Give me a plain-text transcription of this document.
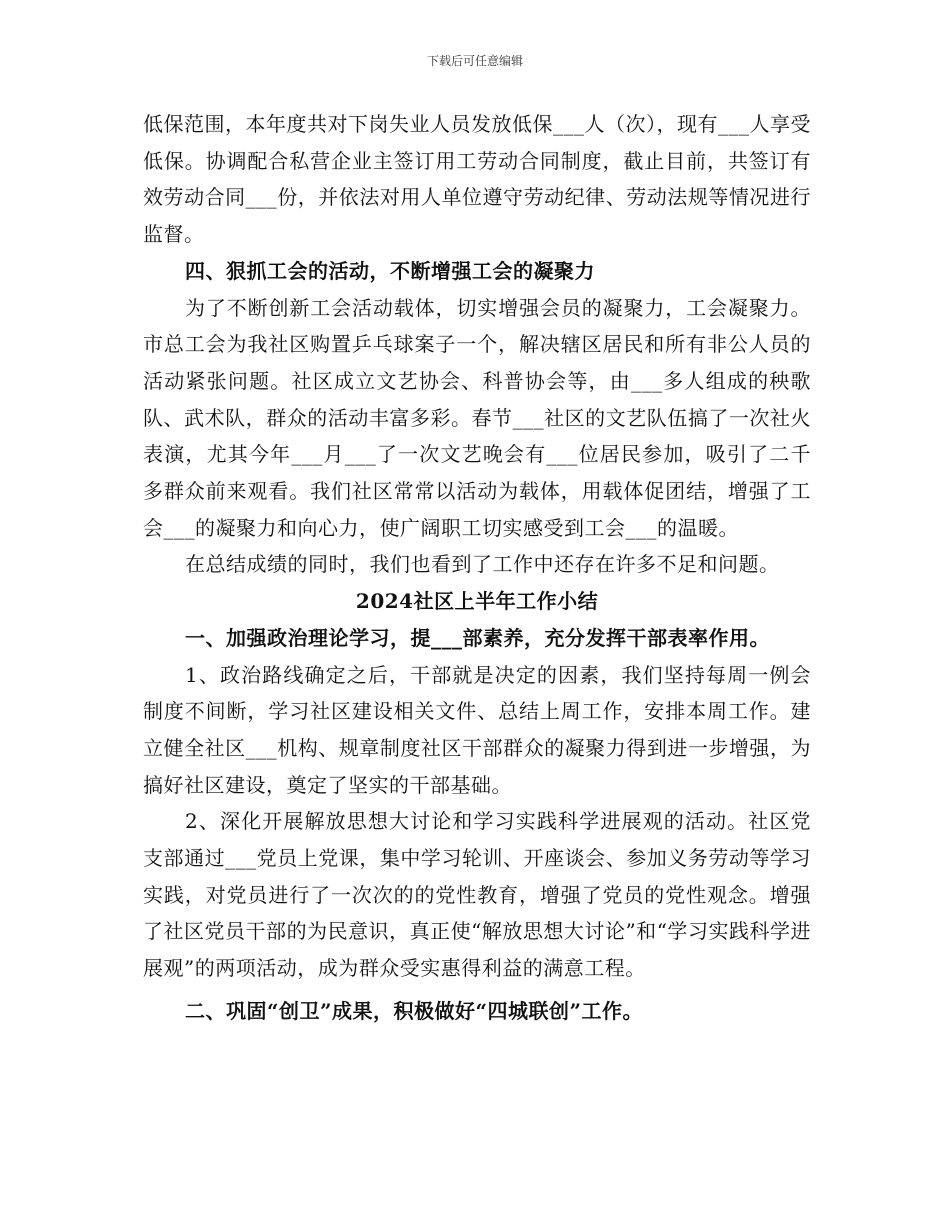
下载后可任意编辑

低保范围，本年度共对下岗失业人员发放低保___人（次），现有___人享受低保。协调配合私营企业主签订用工劳动合同制度，截止目前，共签订有效劳动合同___份，并依法对用人单位遵守劳动纪律、劳动法规等情况进行监督。

四、狠抓工会的活动，不断增强工会的凝聚力

为了不断创新工会活动载体，切实增强会员的凝聚力，工会凝聚力。市总工会为我社区购置乒乓球案子一个，解决辖区居民和所有非公人员的活动紧张问题。社区成立文艺协会、科普协会等，由___多人组成的秧歌队、武术队，群众的活动丰富多彩。春节___社区的文艺队伍搞了一次社火表演，尤其今年___月___了一次文艺晚会有___位居民参加，吸引了二千多群众前来观看。我们社区常常以活动为载体，用载体促团结，增强了工会___的凝聚力和向心力，使广阔职工切实感受到工会___的温暖。

在总结成绩的同时，我们也看到了工作中还存在许多不足和问题。

2024社区上半年工作小结

一、加强政治理论学习，提___部素养，充分发挥干部表率作用。

1、政治路线确定之后，干部就是决定的因素，我们坚持每周一例会制度不间断，学习社区建设相关文件、总结上周工作，安排本周工作。建立健全社区___机构、规章制度社区干部群众的凝聚力得到进一步增强，为搞好社区建设，奠定了坚实的干部基础。

2、深化开展解放思想大讨论和学习实践科学进展观的活动。社区党支部通过___党员上党课，集中学习轮训、开座谈会、参加义务劳动等学习实践，对党员进行了一次次的的党性教育，增强了党员的党性观念。增强了社区党员干部的为民意识，真正使“解放思想大讨论”和“学习实践科学进展观”的两项活动，成为群众受实惠得利益的满意工程。

二、巩固“创卫”成果，积极做好“四城联创”工作。
